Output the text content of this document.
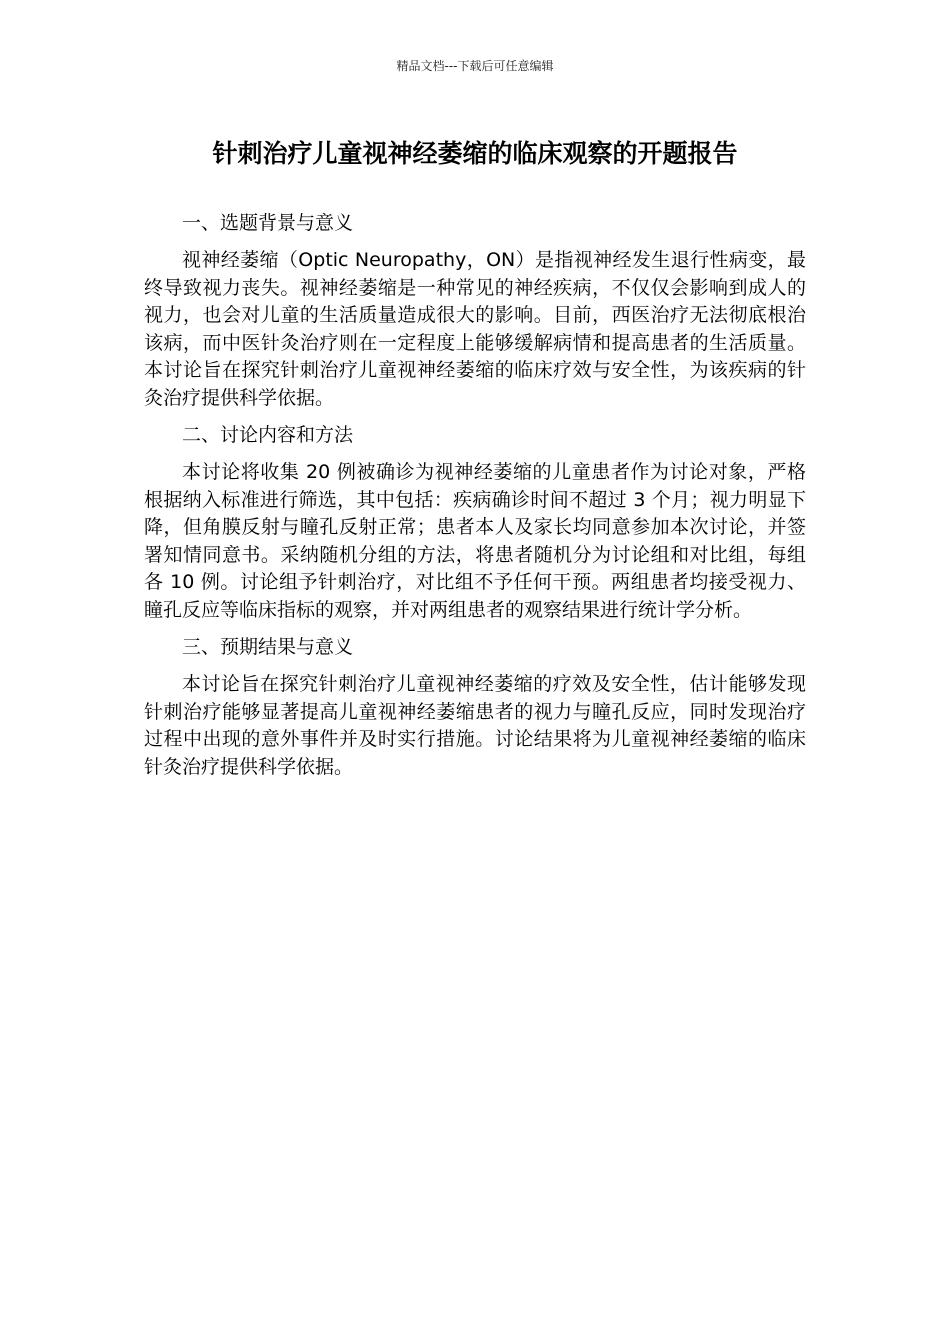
精品文档---下载后可任意编辑
针刺治疗儿童视神经萎缩的临床观察的开题报告

一、选题背景与意义

视神经萎缩（Optic Neuropathy，ON）是指视神经发生退行性病变，最终导致视力丧失。视神经萎缩是一种常见的神经疾病，不仅仅会影响到成人的视力，也会对儿童的生活质量造成很大的影响。目前，西医治疗无法彻底根治该病，而中医针灸治疗则在一定程度上能够缓解病情和提高患者的生活质量。本讨论旨在探究针刺治疗儿童视神经萎缩的临床疗效与安全性，为该疾病的针灸治疗提供科学依据。

二、讨论内容和方法

本讨论将收集 20 例被确诊为视神经萎缩的儿童患者作为讨论对象，严格根据纳入标准进行筛选，其中包括：疾病确诊时间不超过 3 个月；视力明显下降，但角膜反射与瞳孔反射正常；患者本人及家长均同意参加本次讨论，并签署知情同意书。采纳随机分组的方法，将患者随机分为讨论组和对比组，每组各 10 例。讨论组予针刺治疗，对比组不予任何干预。两组患者均接受视力、瞳孔反应等临床指标的观察，并对两组患者的观察结果进行统计学分析。

三、预期结果与意义

本讨论旨在探究针刺治疗儿童视神经萎缩的疗效及安全性，估计能够发现针刺治疗能够显著提高儿童视神经萎缩患者的视力与瞳孔反应，同时发现治疗过程中出现的意外事件并及时实行措施。讨论结果将为儿童视神经萎缩的临床针灸治疗提供科学依据。
